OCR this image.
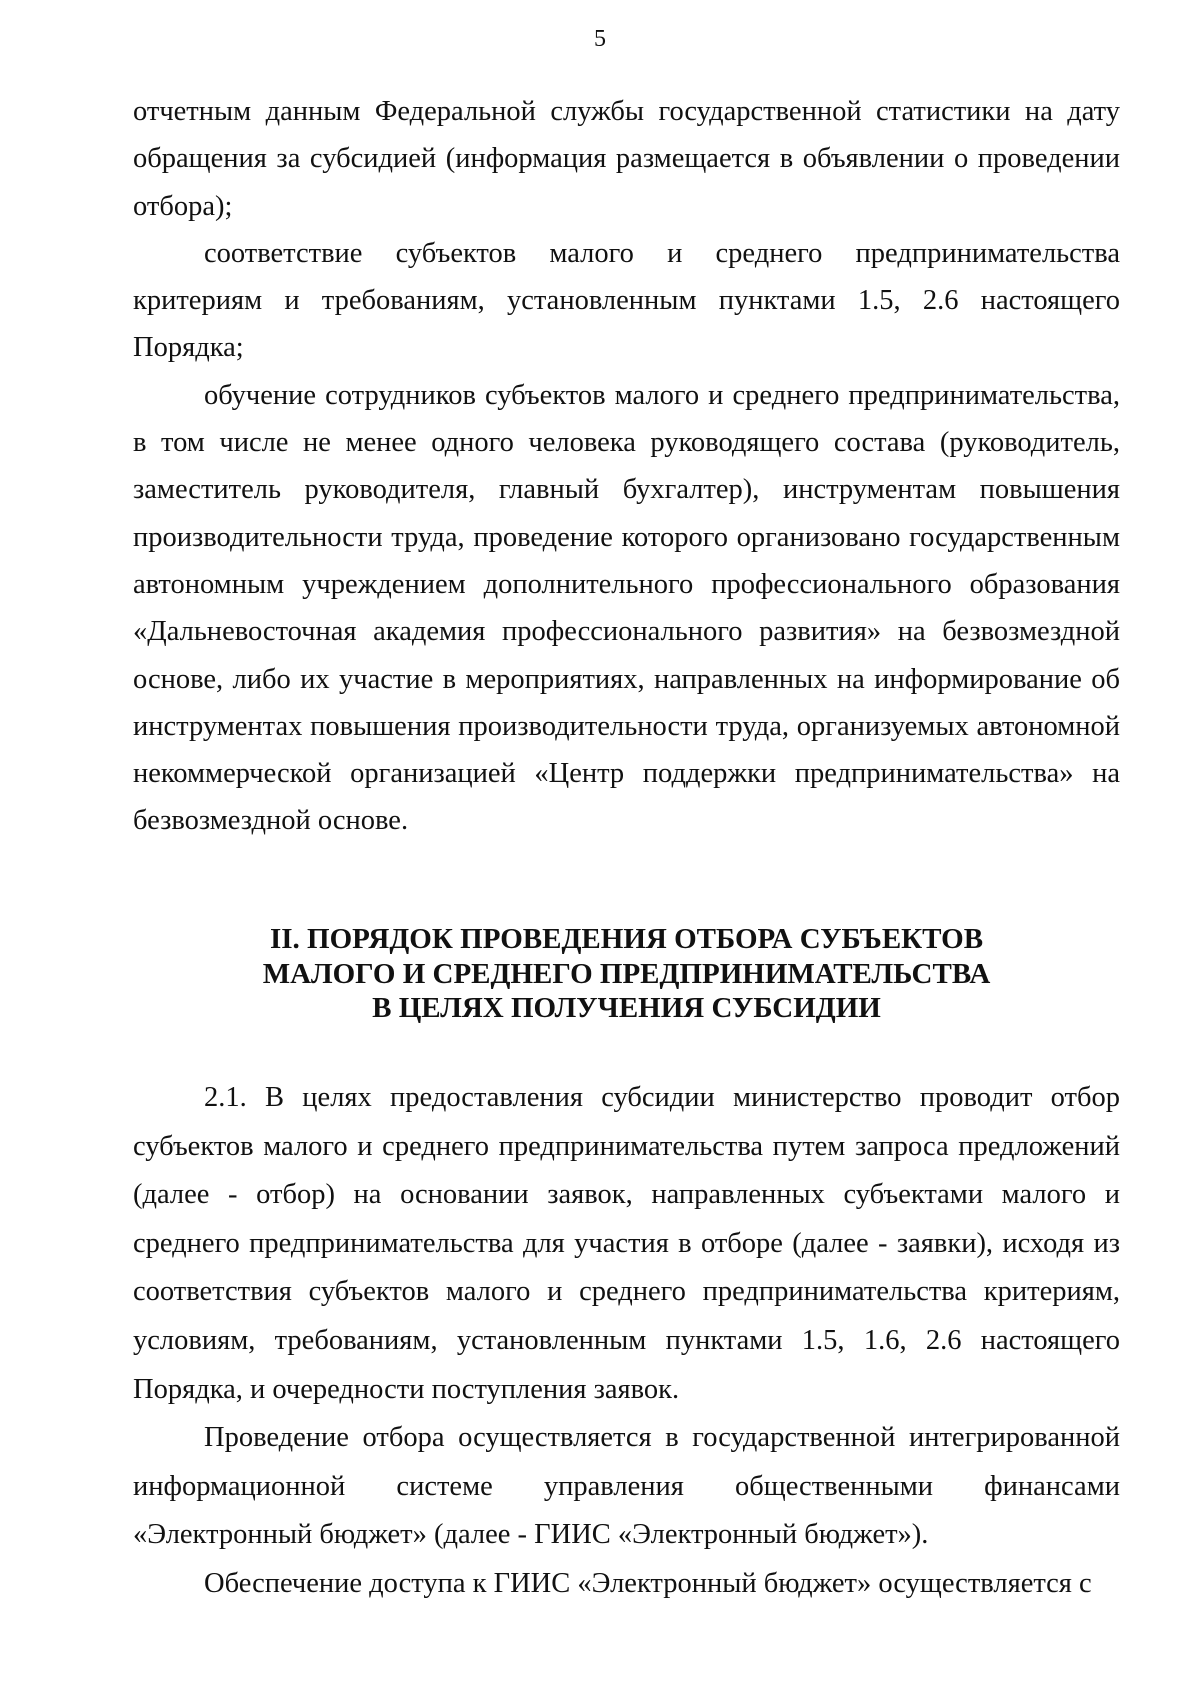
5

отчетным данным Федеральной службы государственной статистики на дату обращения за субсидией (информация размещается в объявлении о проведении отбора);

соответствие субъектов малого и среднего предпринимательства критериям и требованиям, установленным пунктами 1.5, 2.6 настоящего Порядка;

обучение сотрудников субъектов малого и среднего предпринимательства, в том числе не менее одного человека руководящего состава (руководитель, заместитель руководителя, главный бухгалтер), инструментам повышения производительности труда, проведение которого организовано государственным автономным учреждением дополнительного профессионального образования «Дальневосточная академия профессионального развития» на безвозмездной основе, либо их участие в мероприятиях, направленных на информирование об инструментах повышения производительности труда, организуемых автономной некоммерческой организацией «Центр поддержки предпринимательства» на безвозмездной основе.

II. ПОРЯДОК ПРОВЕДЕНИЯ ОТБОРА СУБЪЕКТОВ
МАЛОГО И СРЕДНЕГО ПРЕДПРИНИМАТЕЛЬСТВА
В ЦЕЛЯХ ПОЛУЧЕНИЯ СУБСИДИИ

2.1. В целях предоставления субсидии министерство проводит отбор субъектов малого и среднего предпринимательства путем запроса предложений (далее - отбор) на основании заявок, направленных субъектами малого и среднего предпринимательства для участия в отборе (далее - заявки), исходя из соответствия субъектов малого и среднего предпринимательства критериям, условиям, требованиям, установленным пунктами 1.5, 1.6, 2.6 настоящего Порядка, и очередности поступления заявок.

Проведение отбора осуществляется в государственной интегрированной информационной системе управления общественными финансами «Электронный бюджет» (далее - ГИИС «Электронный бюджет»).

Обеспечение доступа к ГИИС «Электронный бюджет» осуществляется с
